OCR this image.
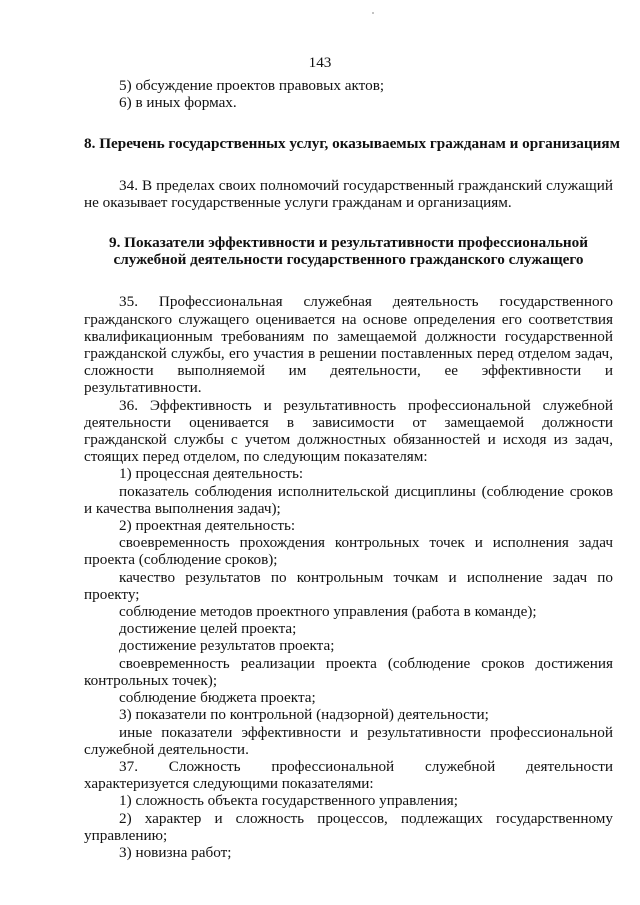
143
5) обсуждение проектов правовых актов;
6) в иных формах.
8. Перечень государственных услуг, оказываемых гражданам и организациям
34. В пределах своих полномочий государственный гражданский служащий не оказывает государственные услуги гражданам и организациям.
9. Показатели эффективности и результативности профессиональной служебной деятельности государственного гражданского служащего
35. Профессиональная служебная деятельность государственного гражданского служащего оценивается на основе определения его соответствия квалификационным требованиям по замещаемой должности государственной гражданской службы, его участия в решении поставленных перед отделом задач, сложности выполняемой им деятельности, ее эффективности и результативности.
36. Эффективность и результативность профессиональной служебной деятельности оценивается в зависимости от замещаемой должности гражданской службы с учетом должностных обязанностей и исходя из задач, стоящих перед отделом, по следующим показателям:
1) процессная деятельность:
показатель соблюдения исполнительской дисциплины (соблюдение сроков и качества выполнения задач);
2) проектная деятельность:
своевременность прохождения контрольных точек и исполнения задач проекта (соблюдение сроков);
качество результатов по контрольным точкам и исполнение задач по проекту;
соблюдение методов проектного управления (работа в команде);
достижение целей проекта;
достижение результатов проекта;
своевременность реализации проекта (соблюдение сроков достижения контрольных точек);
соблюдение бюджета проекта;
3) показатели по контрольной (надзорной) деятельности;
иные показатели эффективности и результативности профессиональной служебной деятельности.
37. Сложность профессиональной служебной деятельности характеризуется следующими показателями:
1) сложность объекта государственного управления;
2) характер и сложность процессов, подлежащих государственному управлению;
3) новизна работ;
